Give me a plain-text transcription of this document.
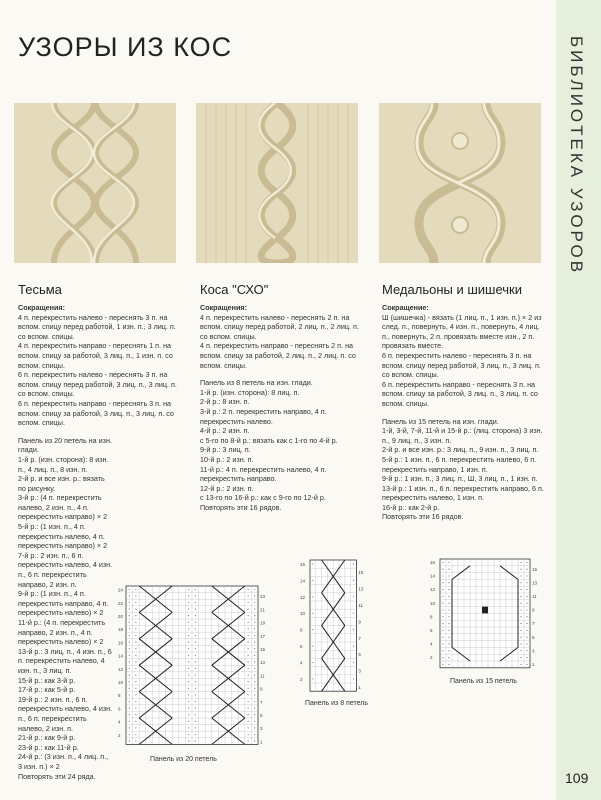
БИБЛИОТЕКА УЗОРОВ
УЗОРЫ ИЗ КОС
Тесьма	Коса "СХО"	Медальоны и шишечки

Сокращения:

4 п. перекрестить налево - переснять 3 п. на вспом. спицу перед работой, 1 изн. п., 3 лиц. п. со вспом. спицы.

4 п. перекрестить направо - переснять 1 п. на вспом. спицу за работой, 3 лиц. п., 1 изн. п. со вспом. спицы.

6 п. перекрестить налево - переснять 3 п. на вспом. спицу перед работой, 3 лиц. п., 3 лиц. п. со вспом. спицы.

6 п. перекрестить направо - переснять 3 п. на вспом. спицу за работой, 3 лиц. п., 3 лиц. п. со вспом. спицы.

Панель из 20 петель на изн. глади.

1-й р. (изн. сторона): 8 изн. п., 4 лиц. п., 8 изн. п.

2-й р. и все изн. р.: вязать по рисунку.

3-й р.: (4 п. перекрестить налево, 2 изн. п., 4 п. перекрестить направо) × 2

5-й р.: (1 изн. п., 4 п. перекрестить налево, 4 п. перекрестить направо) × 2

7-й р.: 2 изн. п., 6 п. перекрестить налево, 4 изн. п., 6 п. перекрестить направо, 2 изн. п.

9-й р.: (1 изн. п., 4 п. перекрестить направо, 4 п. перекрестить налево) × 2

11-й р.: (4 п. перекрестить направо, 2 изн. п., 4 п. перекрестить налево) × 2

13-й р.: 3 лиц. п., 4 изн. п., 6 п. перекрестить налево, 4 изн. п., 3 лиц. п.

15-й р.: как 3-й р.

17-й р.: как 5-й р.

19-й р.: 2 изн. п., 6 п. перекрестить налево, 4 изн. п., 6 п. перекрестить налево, 2 изн. п.

21-й р.: как 9-й р.

23-й р.: как 11-й р.

24-й р.: (3 изн. п., 4 лиц. п., 3 изн. п.) × 2

Повторять эти 24 ряда.

Сокращения:

4 п. перекрестить налево - переснять 2 п. на вспом. спицу перед работой, 2 лиц. п., 2 лиц. п. со вспом. спицы.

4 п. перекрестить направо - переснять 2 п. на вспом. спицу за работой, 2 лиц. п., 2 лиц. п. со вспом. спицы.

Панель из 8 петель на изн. глади.

1-й р. (изн. сторона): 8 лиц. п.

2-й р.: 8 изн. п.

3-й р.: 2 п. перекрестить направо, 4 п. перекрестить налево.

4-й р.: 2 изн. п.

с 5-го по 8-й р.: вязать как с 1-го по 4-й р.

9-й р.: 3 лиц. п.

10-й р.: 2 изн. п.

11-й р.: 4 п. перекрестить налево, 4 п. перекрестить направо.

12-й р.: 2 изн. п.

с 13-го по 16-й р.: как с 9-го по 12-й р.

Повторять эти 16 рядов.

Сокращение:

Ш (шишечка) - вязать (1 лиц. п., 1 изн. п.) × 2 из след. п., повернуть, 4 изн. п., повернуть, 4 лиц. п., повернуть, 2 п. провязать вместе изн., 2 п. провязать вместе.

6 п. перекрестить налево - переснять 3 п. на вспом. спицу перед работой, 3 лиц. п., 3 лиц. п. со вспом. спицы.

6 п. перекрестить направо - переснять 3 п. на вспом. спицу за работой, 3 лиц. п., 3 лиц. п. со вспом. спицы.

Панель из 15 петель на изн. глади.

1-й, 3-й, 7-й, 11-й и 15-й р.: (лиц. сторона) 3 изн. п., 9 лиц. п., 3 изн. п.

2-й р. и все изн. р.: 3 лиц. п., 9 изн. п., 3 лиц. п.

5-й р.: 1 изн. п., 6 п. перекрестить налево, 6 п. перекрестить направо, 1 изн. п.

9-й р.: 1 изн. п., 3 лиц. п., Ш, 3 лиц. п., 1 изн. п.

13-й р.: 1 изн. п., 6 п. перекрестить направо, 6 п. перекрестить налево, 1 изн. п.

16-й р.: как 2-й р.

Повторять эти 16 рядов.

1
3
5
7
9
11
13
15
17
19
21
23
2
4
6
8
10
12
14
16
18
20
22
24
Панель из 20 петель
1
3
5
7
9
11
13
15
2
4
6
8
10
12
14
16
Панель из 8 петель
1
3
5
7
9
11
13
15
2
4
6
8
10
12
14
16
Панель из 15 петель
109
